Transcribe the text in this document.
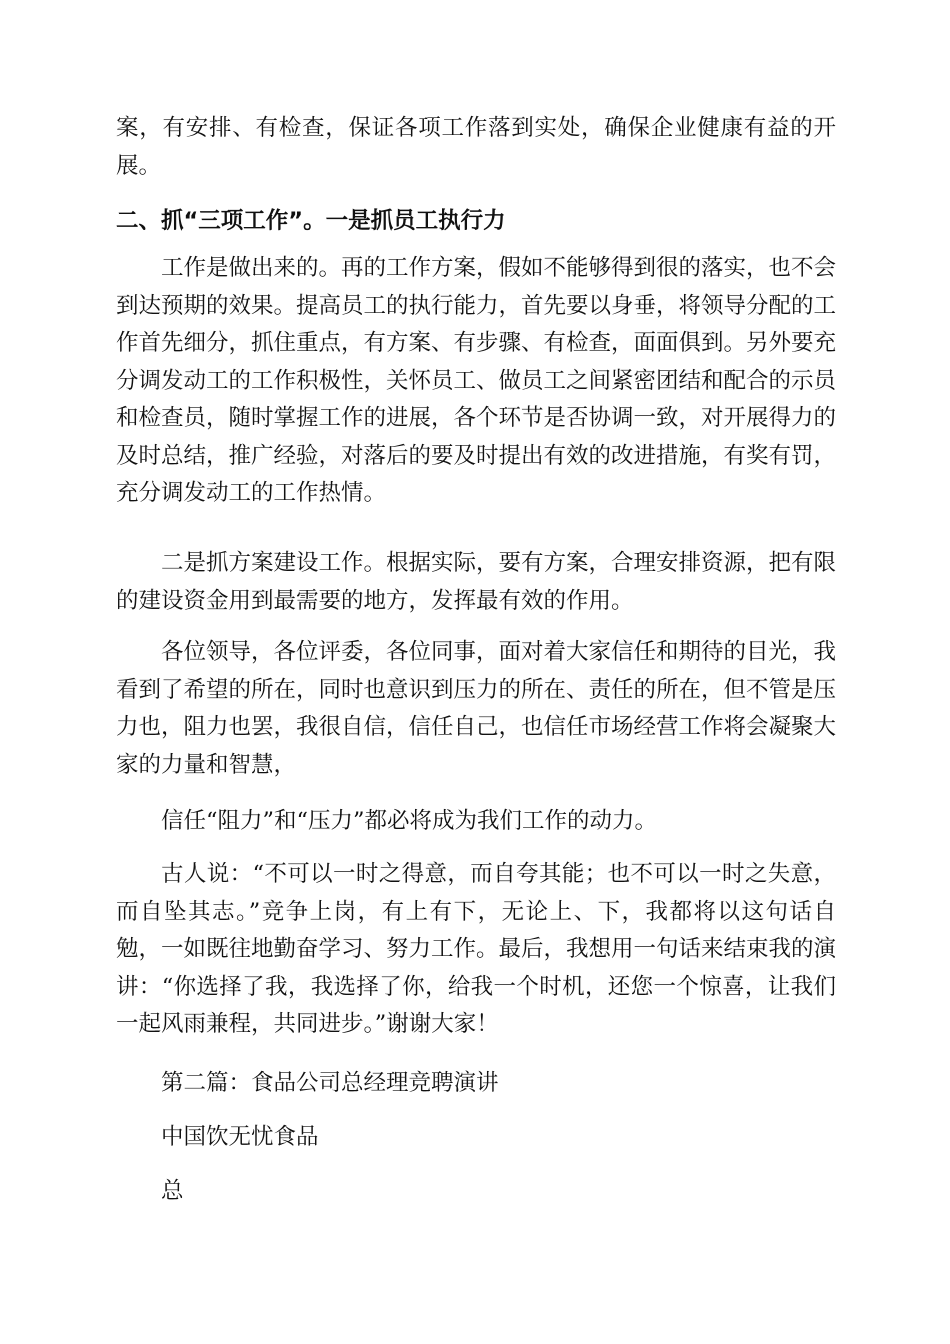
案，有安排、有检查，保证各项工作落到实处，确保企业健康有益的开展。
二、抓“三项工作”。一是抓员工执行力
工作是做出来的。再的工作方案，假如不能够得到很的落实，也不会到达预期的效果。提高员工的执行能力，首先要以身垂，将领导分配的工作首先细分，抓住重点，有方案、有步骤、有检查，面面俱到。另外要充分调发动工的工作积极性，关怀员工、做员工之间紧密团结和配合的示员和检查员，随时掌握工作的进展，各个环节是否协调一致，对开展得力的及时总结，推广经验，对落后的要及时提出有效的改进措施，有奖有罚，充分调发动工的工作热情。
二是抓方案建设工作。根据实际，要有方案，合理安排资源，把有限的建设资金用到最需要的地方，发挥最有效的作用。
各位领导，各位评委，各位同事，面对着大家信任和期待的目光，我看到了希望的所在，同时也意识到压力的所在、责任的所在，但不管是压力也，阻力也罢，我很自信，信任自己，也信任市场经营工作将会凝聚大家的力量和智慧，
信任“阻力”和“压力”都必将成为我们工作的动力。
古人说：“不可以一时之得意，而自夸其能；也不可以一时之失意，而自坠其志。”竞争上岗，有上有下，无论上、下，我都将以这句话自勉，一如既往地勤奋学习、努力工作。最后，我想用一句话来结束我的演讲：“你选择了我，我选择了你，给我一个时机，还您一个惊喜，让我们一起风雨兼程，共同进步。”谢谢大家！
第二篇：食品公司总经理竞聘演讲
中国饮无忧食品
总
